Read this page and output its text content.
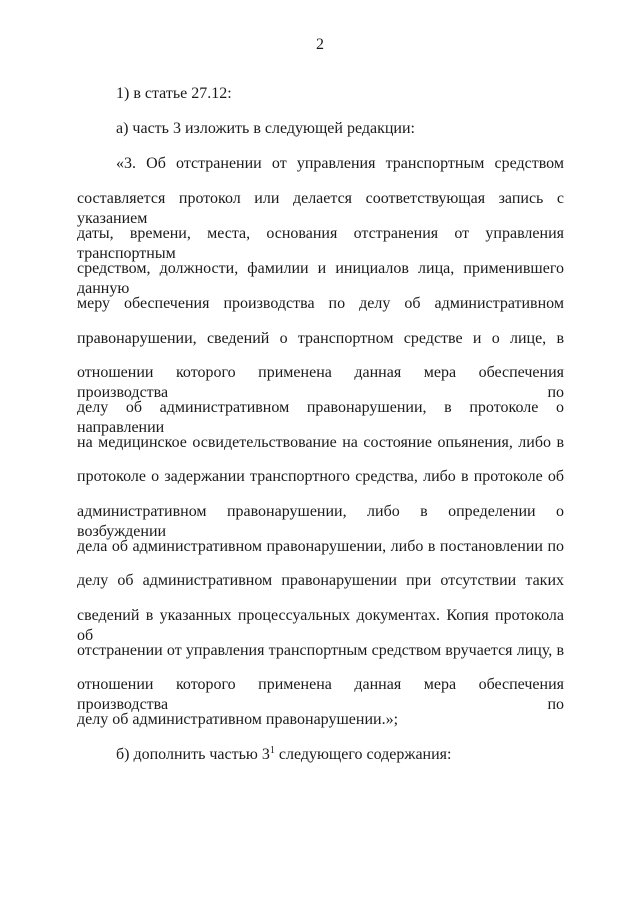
2
1) в статье 27.12:
а) часть 3 изложить в следующей редакции:
«3. Об отстранении от управления транспортным средством
составляется протокол или делается соответствующая запись с указанием
даты, времени, места, основания отстранения от управления транспортным
средством, должности, фамилии и инициалов лица, применившего данную
меру обеспечения производства по делу об административном
правонарушении, сведений о транспортном средстве и о лице, в
отношении которого применена данная мера обеспечения производства по
делу об административном правонарушении, в протоколе о направлении
на медицинское освидетельствование на состояние опьянения, либо в
протоколе о задержании транспортного средства, либо в протоколе об
административном правонарушении, либо в определении о возбуждении
дела об административном правонарушении, либо в постановлении по
делу об административном правонарушении при отсутствии таких
сведений в указанных процессуальных документах. Копия протокола об
отстранении от управления транспортным средством вручается лицу, в
отношении которого применена данная мера обеспечения производства по
делу об административном правонарушении.»;
б) дополнить частью $3^1$ следующего содержания:
